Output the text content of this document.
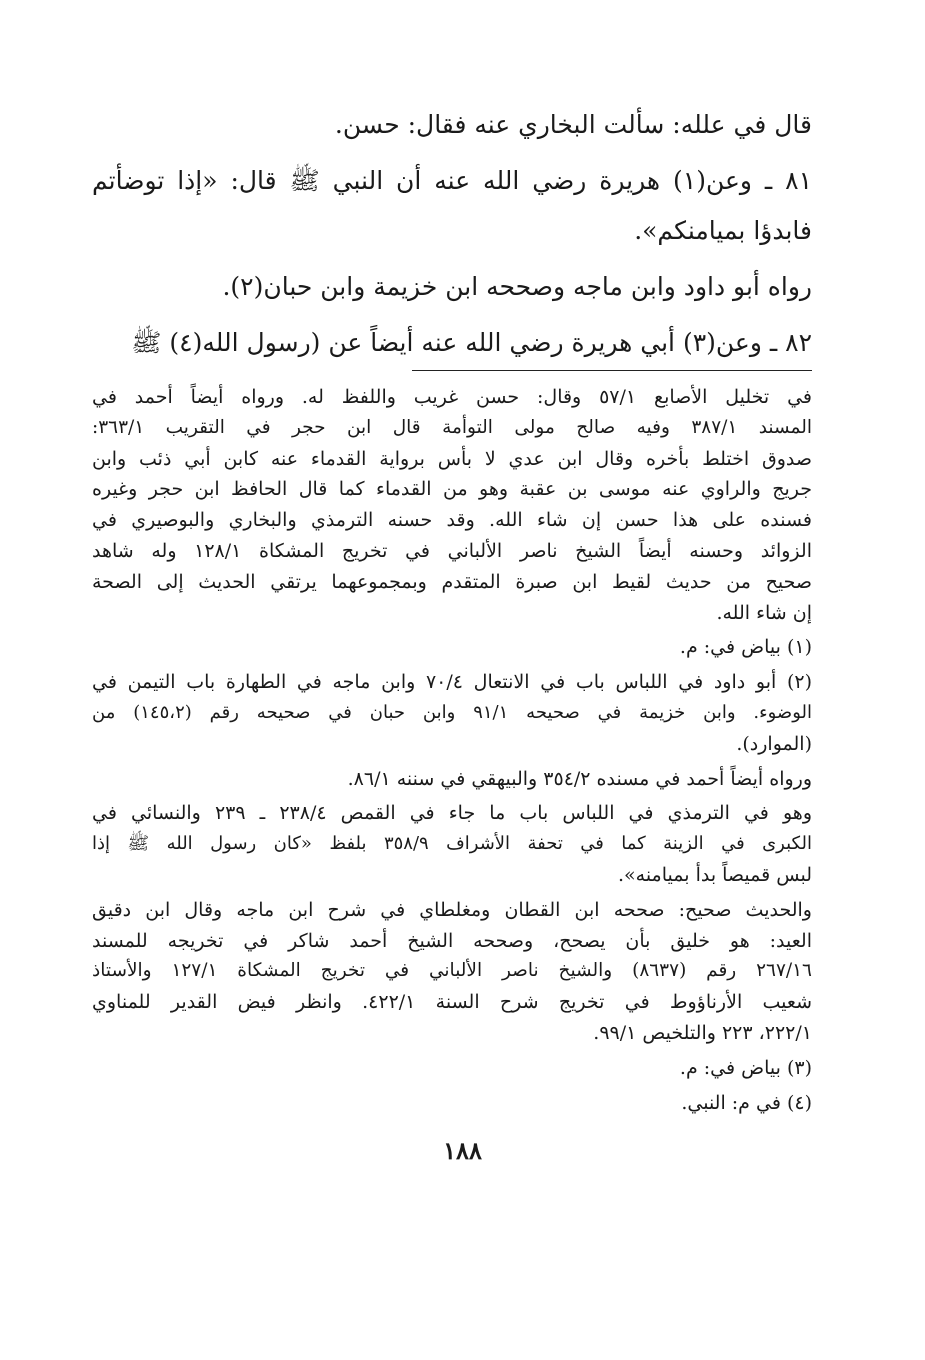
قال في علله: سألت البخاري عنه فقال: حسن.

٨١ ـ وعن(١) هريرة رضي الله عنه أن النبي ﷺ قال: «إذا توضأتم

فابدؤا بميامنكم».

رواه أبو داود وابن ماجه وصححه ابن خزيمة وابن حبان(٢).

٨٢ ـ وعن(٣) أبي هريرة رضي الله عنه أيضاً عن (رسول الله(٤) ﷺ

في تخليل الأصابع ٥٧/١ وقال: حسن غريب واللفظ له. ورواه أيضاً أحمد في

المسند ٣٨٧/١ وفيه صالح مولى التوأمة قال ابن حجر في التقريب ٣٦٣/١:

صدوق اختلط بأخره وقال ابن عدي لا بأس برواية القدماء عنه كابن أبي ذئب وابن

جريج والراوي عنه موسى بن عقبة وهو من القدماء كما قال الحافظ ابن حجر وغيره

فسنده على هذا حسن إن شاء الله. وقد حسنه الترمذي والبخاري والبوصيري في

الزوائد وحسنه أيضاً الشيخ ناصر الألباني في تخريج المشكاة ١٢٨/١ وله شاهد

صحيح من حديث لقيط ابن صبرة المتقدم وبمجموعهما يرتقي الحديث إلى الصحة

إن شاء الله.

(١) بياض في: م.

(٢) أبو داود في اللباس باب في الانتعال ٧٠/٤ وابن ماجه في الطهارة باب التيمن في

الوضوء. وابن خزيمة في صحيحه ٩١/١ وابن حبان في صحيحه رقم (١٤٥،٢) من

(الموارد).

ورواه أيضاً أحمد في مسنده ٣٥٤/٢ والبيهقي في سننه ٨٦/١.

وهو في الترمذي في اللباس باب ما جاء في القمص ٢٣٨/٤ ـ ٢٣٩ والنسائي في

الكبرى في الزينة كما في تحفة الأشراف ٣٥٨/٩ بلفظ «كان رسول الله ﷺ إذا

لبس قميصاً بدأ بميامنه».

والحديث صحيح: صححه ابن القطان ومغلطاي في شرح ابن ماجه وقال ابن دقيق

العيد: هو خليق بأن يصحح، وصححه الشيخ أحمد شاكر في تخريجه للمسند

٢٦٧/١٦ رقم (٨٦٣٧) والشيخ ناصر الألباني في تخريج المشكاة ١٢٧/١ والأستاذ

شعيب الأرناؤوط في تخريج شرح السنة ٤٢٢/١. وانظر فيض القدير للمناوي

٢٢٢/١، ٢٢٣ والتلخيص ٩٩/١.

(٣) بياض في: م.

(٤) في م: النبي.

١٨٨
